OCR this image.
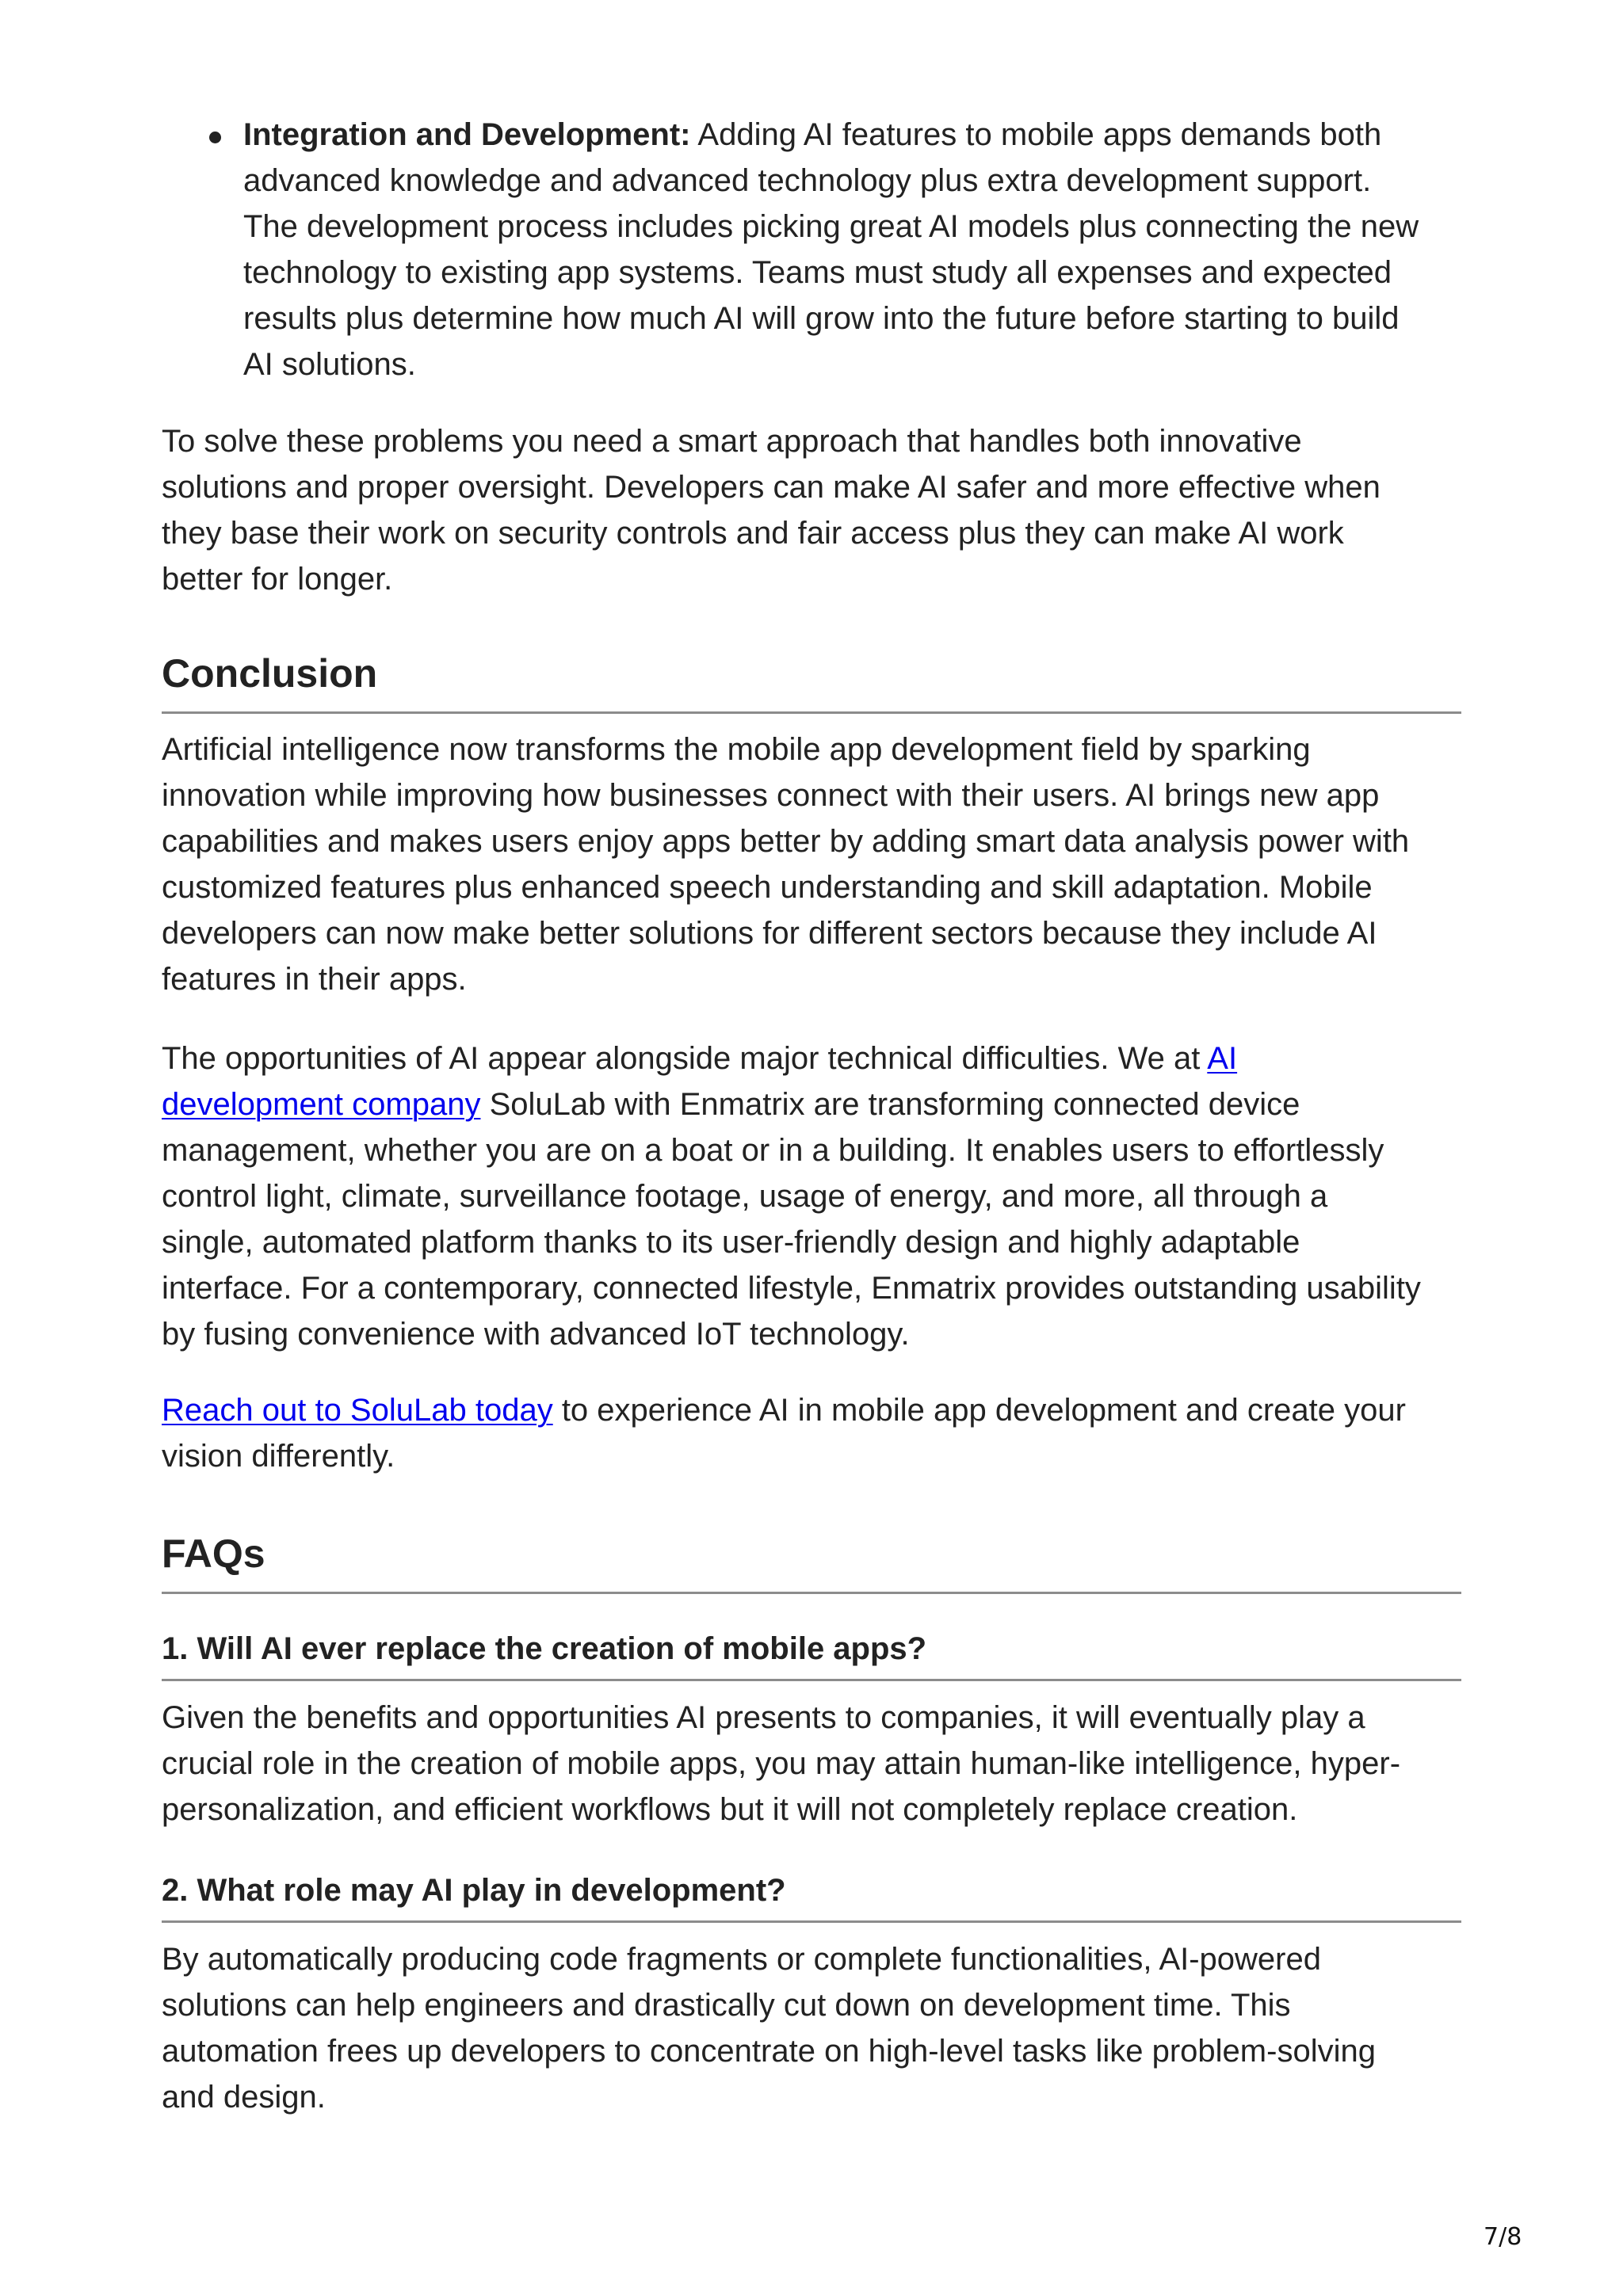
Integration and Development: Adding AI features to mobile apps demands both
advanced knowledge and advanced technology plus extra development support.
The development process includes picking great AI models plus connecting the new
technology to existing app systems. Teams must study all expenses and expected
results plus determine how much AI will grow into the future before starting to build
AI solutions.
To solve these problems you need a smart approach that handles both innovative
solutions and proper oversight. Developers can make AI safer and more effective when
they base their work on security controls and fair access plus they can make AI work
better for longer.
Conclusion
Artificial intelligence now transforms the mobile app development field by sparking
innovation while improving how businesses connect with their users. AI brings new app
capabilities and makes users enjoy apps better by adding smart data analysis power with
customized features plus enhanced speech understanding and skill adaptation. Mobile
developers can now make better solutions for different sectors because they include AI
features in their apps.
The opportunities of AI appear alongside major technical difficulties. We at AI
development company SoluLab with Enmatrix are transforming connected device
management, whether you are on a boat or in a building. It enables users to effortlessly
control light, climate, surveillance footage, usage of energy, and more, all through a
single, automated platform thanks to its user-friendly design and highly adaptable
interface. For a contemporary, connected lifestyle, Enmatrix provides outstanding usability
by fusing convenience with advanced IoT technology.
Reach out to SoluLab today to experience AI in mobile app development and create your
vision differently.
FAQs
1. Will AI ever replace the creation of mobile apps?
Given the benefits and opportunities AI presents to companies, it will eventually play a
crucial role in the creation of mobile apps, you may attain human-like intelligence, hyper-
personalization, and efficient workflows but it will not completely replace creation.
2. What role may AI play in development?
By automatically producing code fragments or complete functionalities, AI-powered
solutions can help engineers and drastically cut down on development time. This
automation frees up developers to concentrate on high-level tasks like problem-solving
and design.
7/8
